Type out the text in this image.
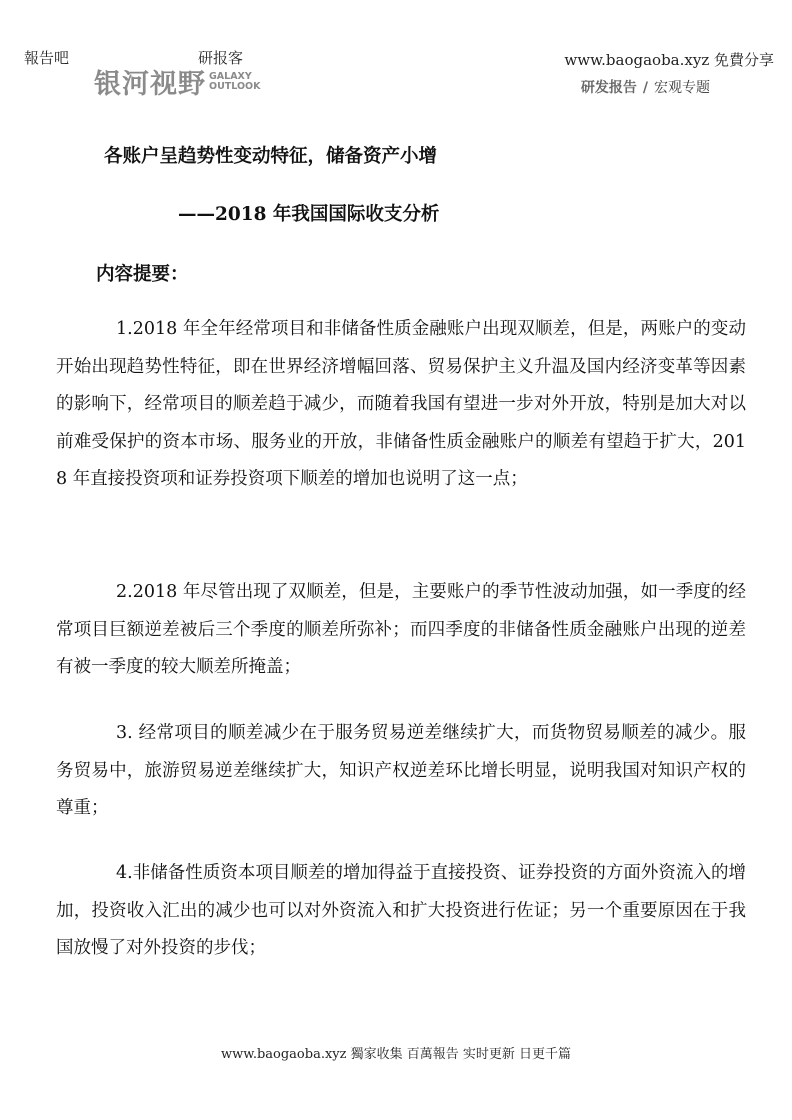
報告吧	研报客	www.baogaoba.xyz 免費分享
银河视野 GALAXY
OUTLOOK	研发报告 / 宏观专题
各账户呈趋势性变动特征，储备资产小增
——2018 年我国国际收支分析
内容提要：

1.2018 年全年经常项目和非储备性质金融账户出现双顺差，但是，两账户的变动开始出现趋势性特征，即在世界经济增幅回落、贸易保护主义升温及国内经济变革等因素的影响下，经常项目的顺差趋于减少，而随着我国有望进一步对外开放，特别是加大对以前难受保护的资本市场、服务业的开放，非储备性质金融账户的顺差有望趋于扩大，2018 年直接投资项和证券投资项下顺差的增加也说明了这一点；

2.2018 年尽管出现了双顺差，但是，主要账户的季节性波动加强，如一季度的经常项目巨额逆差被后三个季度的顺差所弥补；而四季度的非储备性质金融账户出现的逆差有被一季度的较大顺差所掩盖；

3. 经常项目的顺差减少在于服务贸易逆差继续扩大，而货物贸易顺差的减少。服务贸易中，旅游贸易逆差继续扩大，知识产权逆差环比增长明显，说明我国对知识产权的尊重；

4.非储备性质资本项目顺差的增加得益于直接投资、证券投资的方面外资流入的增加，投资收入汇出的减少也可以对外资流入和扩大投资进行佐证；另一个重要原因在于我国放慢了对外投资的步伐；

www.baogaoba.xyz 獨家收集 百萬報告 实时更新 日更千篇
